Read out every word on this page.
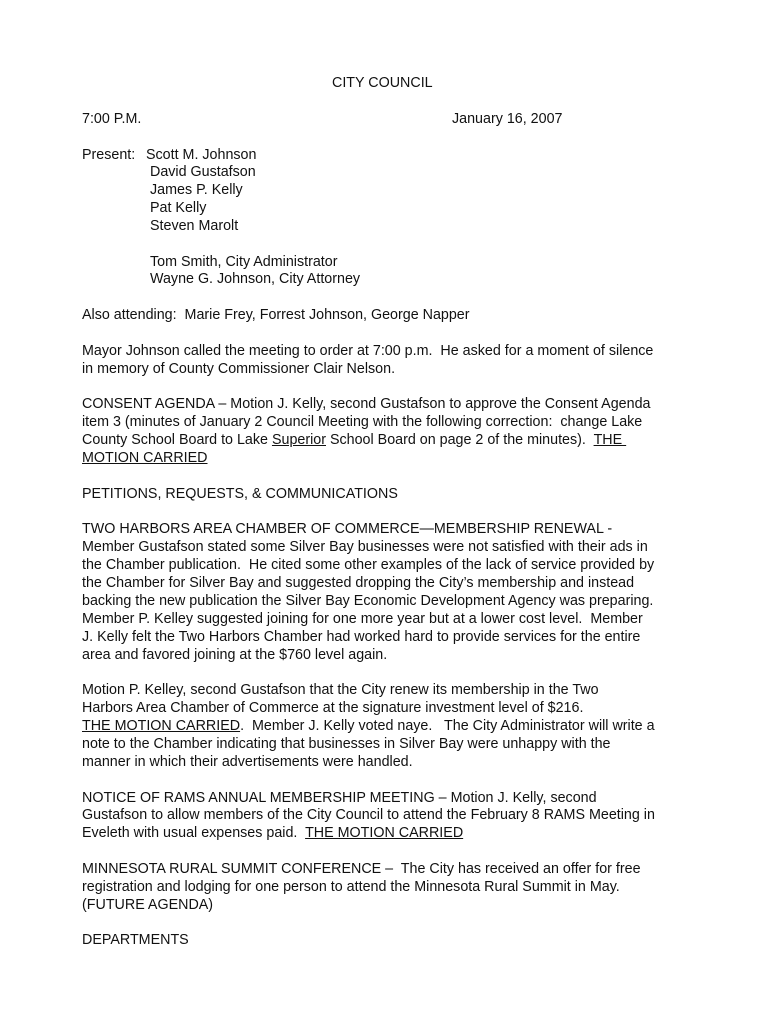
CITY COUNCIL
7:00 P.M.	January 16, 2007
Present: Scott M. Johnson
David Gustafson
James P. Kelly
Pat Kelly
Steven Marolt
Tom Smith, City Administrator
Wayne G. Johnson, City Attorney
Also attending:  Marie Frey, Forrest Johnson, George Napper
Mayor Johnson called the meeting to order at 7:00 p.m.  He asked for a moment of silence
in memory of County Commissioner Clair Nelson.
CONSENT AGENDA – Motion J. Kelly, second Gustafson to approve the Consent Agenda
item 3 (minutes of January 2 Council Meeting with the following correction:  change Lake
County School Board to Lake Superior School Board on page 2 of the minutes).  THE
MOTION CARRIED
PETITIONS, REQUESTS, & COMMUNICATIONS
TWO HARBORS AREA CHAMBER OF COMMERCE—MEMBERSHIP RENEWAL -
Member Gustafson stated some Silver Bay businesses were not satisfied with their ads in
the Chamber publication.  He cited some other examples of the lack of service provided by
the Chamber for Silver Bay and suggested dropping the City’s membership and instead
backing the new publication the Silver Bay Economic Development Agency was preparing.
Member P. Kelley suggested joining for one more year but at a lower cost level.  Member
J. Kelly felt the Two Harbors Chamber had worked hard to provide services for the entire
area and favored joining at the $760 level again.
Motion P. Kelley, second Gustafson that the City renew its membership in the Two
Harbors Area Chamber of Commerce at the signature investment level of $216.
THE MOTION CARRIED.  Member J. Kelly voted naye.   The City Administrator will write a
note to the Chamber indicating that businesses in Silver Bay were unhappy with the
manner in which their advertisements were handled.
NOTICE OF RAMS ANNUAL MEMBERSHIP MEETING – Motion J. Kelly, second
Gustafson to allow members of the City Council to attend the February 8 RAMS Meeting in
Eveleth with usual expenses paid.  THE MOTION CARRIED
MINNESOTA RURAL SUMMIT CONFERENCE –  The City has received an offer for free
registration and lodging for one person to attend the Minnesota Rural Summit in May.
(FUTURE AGENDA)
DEPARTMENTS
